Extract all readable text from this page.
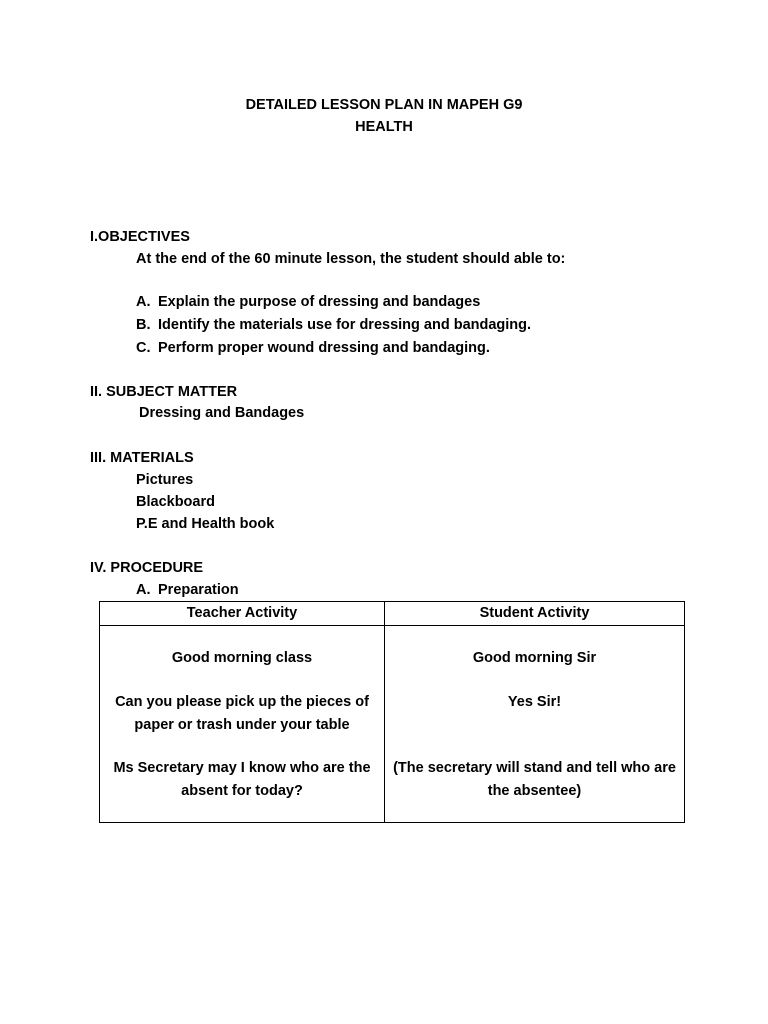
DETAILED LESSON PLAN IN MAPEH G9
HEALTH
I.OBJECTIVES
At the end of the 60 minute lesson, the student should able to:
A. Explain the purpose of dressing and bandages
B. Identify the materials use for dressing and bandaging.
C. Perform proper wound dressing and bandaging.
II. SUBJECT MATTER
Dressing and Bandages
III. MATERIALS
Pictures
Blackboard
P.E and Health book
IV. PROCEDURE
A. Preparation
Teacher Activity	Student Activity
Good morning class	Good morning Sir
Can you please pick up the pieces of paper or trash under your table
Yes Sir!
Ms Secretary may I know who are the absent for today?
(The secretary will stand and tell who are the absentee)
